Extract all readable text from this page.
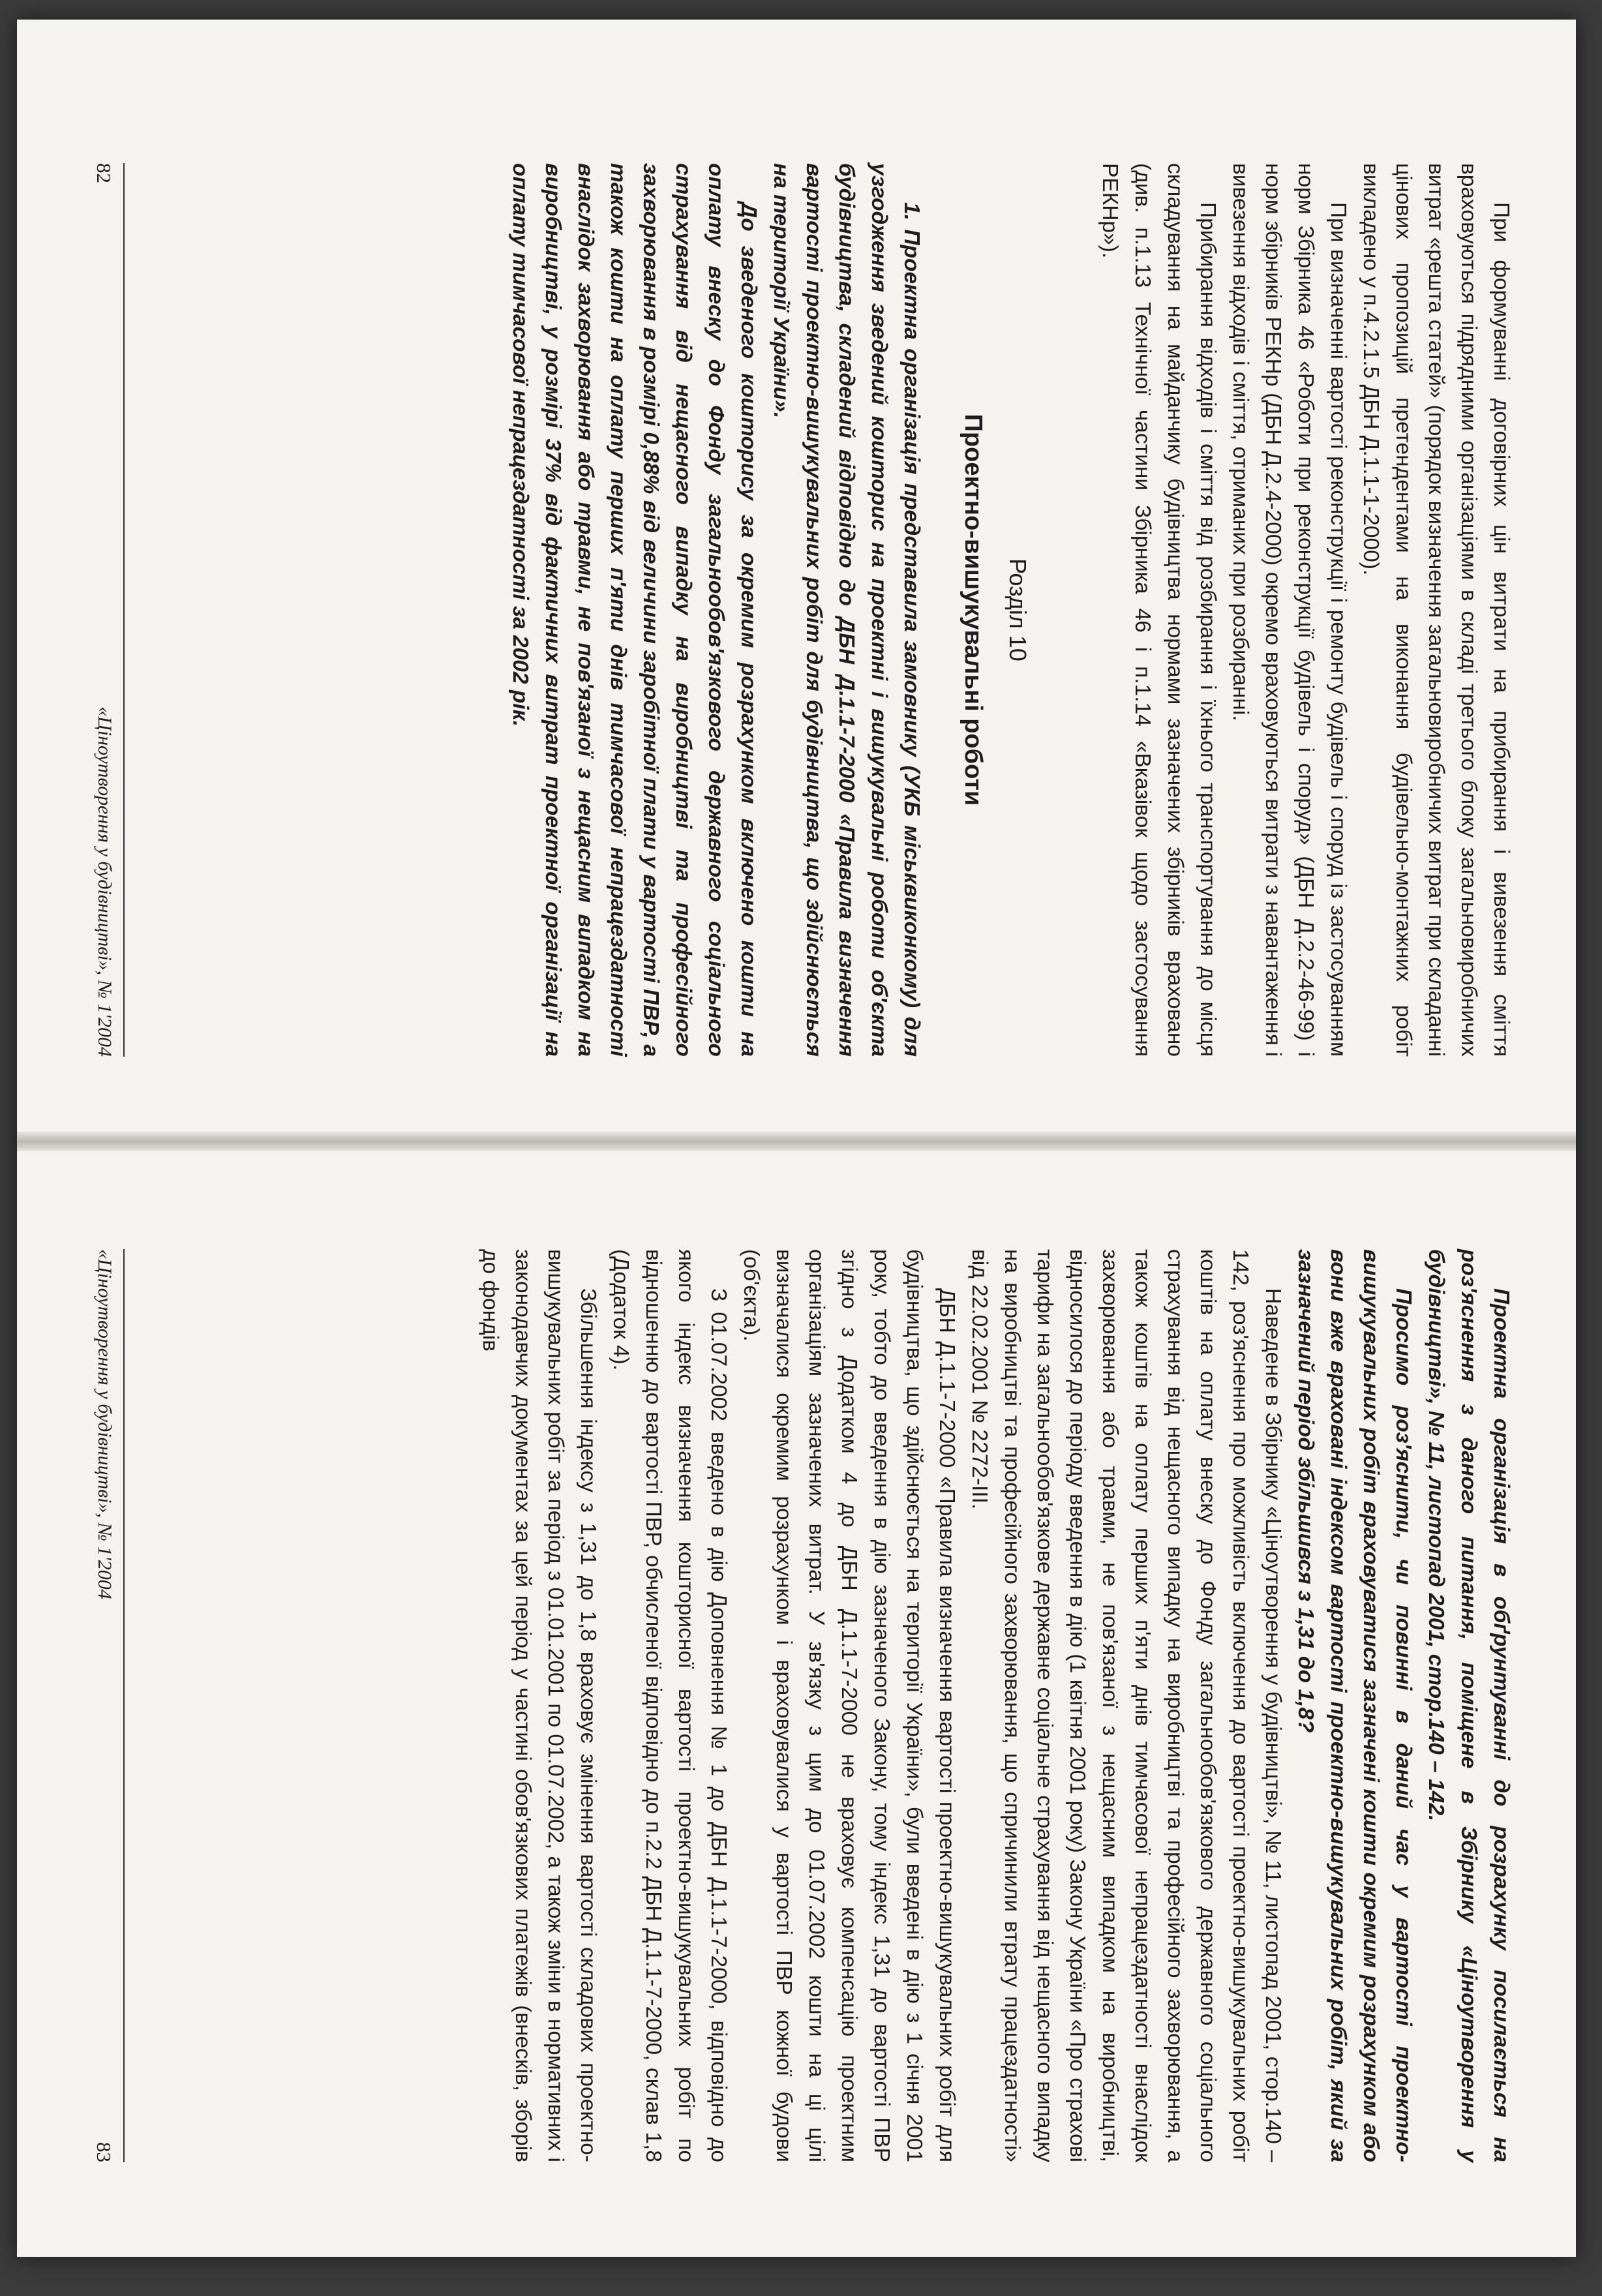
При формуванні договірних цін витрати на прибирання і вивезення сміття враховуються підрядними організаціями в складі третього блоку загальновиробничих витрат «решта статей» (порядок визначення загальновиробничих витрат при складанні цінових пропозицій претендентами на виконання будівельно-монтажних робіт викладено у п.4.2.1.5 ДБН Д.1.1-1-2000).

При визначенні вартості реконструкції і ремонту будівель і споруд із застосуванням норм Збірника 46 «Роботи при реконструкції будівель і споруд» (ДБН Д.2.2-46-99) і норм збірників РЕКНр (ДБН Д.2.4-2000) окремо враховуються витрати з навантаження і вивезення відходів і сміття, отриманих при розбиранні.

Прибирання відходів і сміття від розбирання і їхнього транспортування до місця складування на майданчику будівництва нормами зазначених збірників враховано (див. п.1.13 Технічної частини Збірника 46 і п.1.14 «Вказівок щодо застосування РЕКНр»).

Розділ 10
Проектно-вишукувальні роботи

1. Проектна організація представила замовнику (УКБ міськвиконкому) для узгодження зведений кошторис на проектні і вишукувальні роботи об'єкта будівництва, складений відповідно до ДБН Д.1.1-7-2000 «Правила визначення вартості проектно-вишукувальних робіт для будівництва, що здійснюється на території України».

До зведеного кошторису за окремим розрахунком включено кошти на оплату внеску до Фонду загальнообов'язкового державного соціального страхування від нещасного випадку на виробництві та професійного захворювання в розмірі 0,88% від величини заробітної плати у вартості ПВР, а також кошти на оплату перших п'яти днів тимчасової непрацездатності внаслідок захворювання або травми, не пов'язаної з нещасним випадком на виробництві, у розмірі 37% від фактичних витрат проектної організації на оплату тимчасової непрацездатності за 2002 рік.

82
«Ціноутворення у будівництві», № 1'2004

Проектна організація в обґрунтуванні до розрахунку посилається на роз'яснення з даного питання, поміщене в Збірнику «Ціноутворення у будівництві», № 11, листопад 2001, стор.140 – 142.

Просимо роз'яснити, чи повинні в даний час у вартості проектно-вишукувальних робіт враховуватися зазначені кошти окремим розрахунком або вони вже враховані індексом вартості проектно-вишукувальних робіт, який за зазначений період збільшився з 1,31 до 1,8?

Наведене в Збірнику «Ціноутворення у будівництві», № 11, листопад 2001, стор.140 – 142, роз'яснення про можливість включення до вартості проектно-вишукувальних робіт коштів на оплату внеску до Фонду загальнообов'язкового державного соціального страхування від нещасного випадку на виробництві та професійного захворювання, а також коштів на оплату перших п'яти днів тимчасової непрацездатності внаслідок захворювання або травми, не пов'язаної з нещасним випадком на виробництві, відносилося до періоду введення в дію (1 квітня 2001 року) Закону України «Про страхові тарифи на загальнообов'язкове державне соціальне страхування від нещасного випадку на виробництві та професійного захворювання, що спричинили втрату працездатності» від 22.02.2001 № 2272-III.

ДБН Д.1.1-7-2000 «Правила визначення вартості проектно-вишукувальних робіт для будівництва, що здійснюється на території України», були введені в дію з 1 січня 2001 року, тобто до введення в дію зазначеного Закону, тому індекс 1,31 до вартості ПВР згідно з Додатком 4 до ДБН Д.1.1-7-2000 не враховує компенсацію проектним організаціям зазначених витрат. У зв'язку з цим до 01.07.2002 кошти на ці цілі визначалися окремим розрахунком і враховувалися у вартості ПВР кожної будови (об'єкта).

З 01.07.2002 введено в дію Доповнення № 1 до ДБН Д.1.1-7-2000, відповідно до якого індекс визначення кошторисної вартості проектно-вишукувальних робіт по відношенню до вартості ПВР, обчисленої відповідно до п.2.2 ДБН Д.1.1-7-2000, склав 1,8 (Додаток 4).

Збільшення індексу з 1,31 до 1,8 враховує змінення вартості складових проектно-вишукувальних робіт за період з 01.01.2001 по 01.07.2002, а також зміни в нормативних і законодавчих документах за цей період у частині обов'язкових платежів (внесків, зборів до фондів

«Ціноутворення у будівництві», № 1'2004
83
